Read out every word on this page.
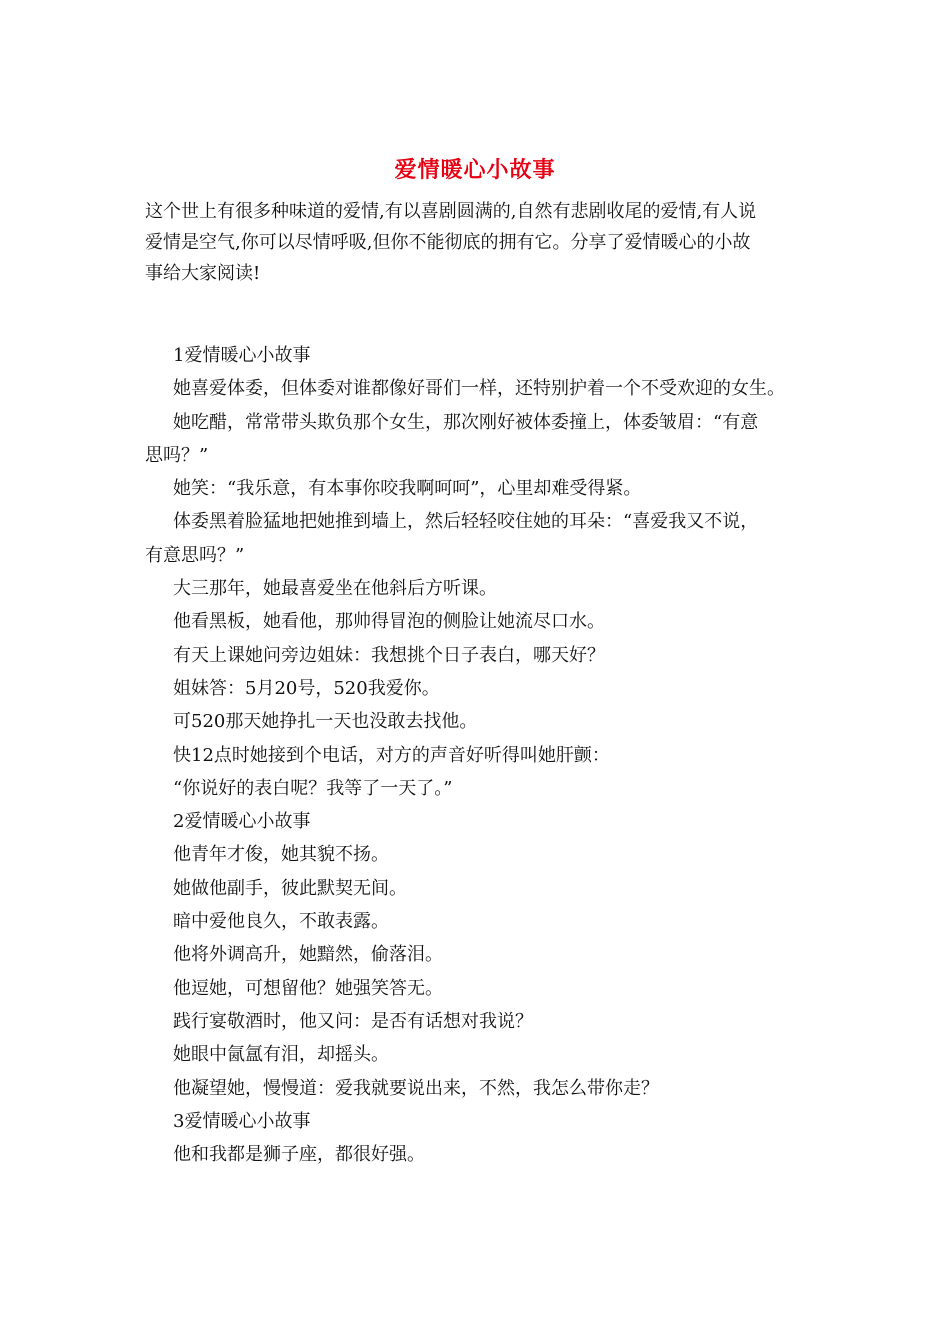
爱情暖心小故事

这个世上有很多种味道的爱情,有以喜剧圆满的,自然有悲剧收尾的爱情,有人说

爱情是空气,你可以尽情呼吸,但你不能彻底的拥有它。分享了爱情暖心的小故

事给大家阅读!

1爱情暖心小故事

她喜爱体委，但体委对谁都像好哥们一样，还特别护着一个不受欢迎的女生。

她吃醋，常常带头欺负那个女生，那次刚好被体委撞上，体委皱眉：“有意

思吗？”

她笑：“我乐意，有本事你咬我啊呵呵”，心里却难受得紧。

体委黑着脸猛地把她推到墙上，然后轻轻咬住她的耳朵：“喜爱我又不说，

有意思吗？”

大三那年，她最喜爱坐在他斜后方听课。

他看黑板，她看他，那帅得冒泡的侧脸让她流尽口水。

有天上课她问旁边姐妹：我想挑个日子表白，哪天好？

姐妹答：5月20号，520我爱你。

可520那天她挣扎一天也没敢去找他。

快12点时她接到个电话，对方的声音好听得叫她肝颤：

“你说好的表白呢？我等了一天了。”

2爱情暖心小故事

他青年才俊，她其貌不扬。

她做他副手，彼此默契无间。

暗中爱他良久，不敢表露。

他将外调高升，她黯然，偷落泪。

他逗她，可想留他？她强笑答无。

践行宴敬酒时，他又问：是否有话想对我说？

她眼中氤氲有泪，却摇头。

他凝望她，慢慢道：爱我就要说出来，不然，我怎么带你走？

3爱情暖心小故事

他和我都是狮子座，都很好强。
